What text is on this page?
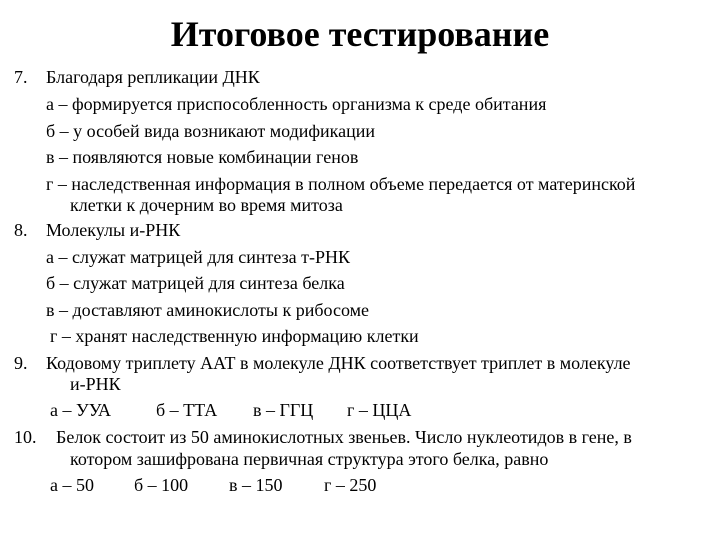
Итоговое тестирование
7. Благодаря репликации ДНК
а – формируется приспособленность организма к среде обитания
б – у особей вида возникают модификации
в – появляются новые комбинации генов
г – наследственная информация в полном объеме передается от материнской
клетки к дочерним во время митоза
8. Молекулы и-РНК
а – служат матрицей для синтеза т-РНК
б – служат матрицей для синтеза белка
в – доставляют аминокислоты к рибосоме
г – хранят наследственную информацию клетки
9. Кодовому триплету ААТ в молекуле ДНК соответствует триплет в молекуле
и-РНК
а – УУА б – ТТА в – ГГЦ г – ЦЦА
10. Белок состоит из 50 аминокислотных звеньев. Число нуклеотидов в гене, в
котором зашифрована первичная структура этого белка, равно
а – 50 б – 100 в – 150 г – 250
